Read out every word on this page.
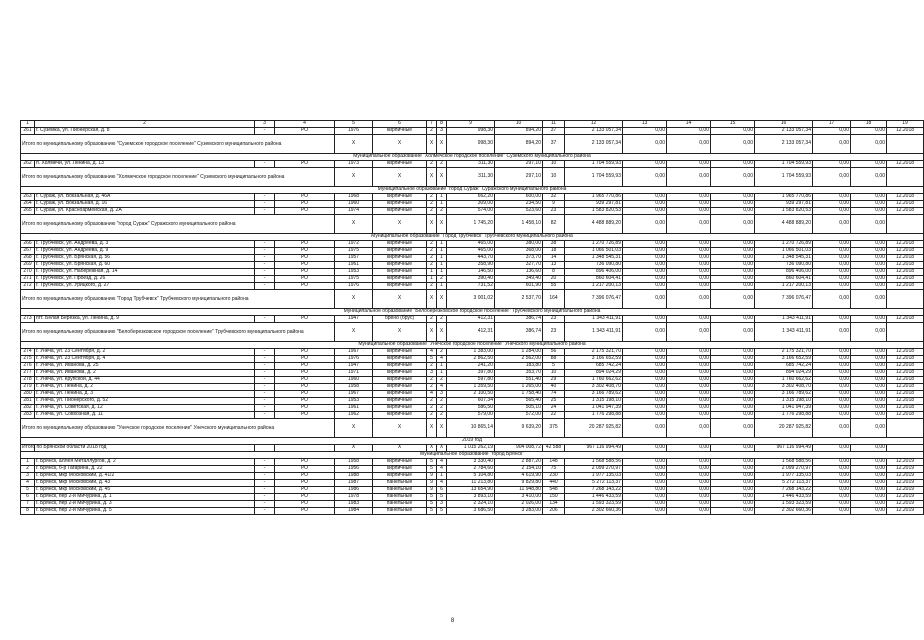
1	2	3	4	5	6	7	8	9	10	11	12	13	14	15	16	17	18	19
261	г. Суземка, ул. Пионерская, д. 8	-	РО	1976	кирпичные	2	3	998,30	894,20	37	2 133 057,34	0,00	0,00	0,00	2 133 057,34	0,00	0,00	12.2018
Итого по муниципальному образованию "Суземское городское поселение" Суземского муниципального района				X	X	X	X	998,30	894,20	37	2 133 057,34	0,00	0,00	0,00	2 133 057,34	0,00	0,00	
Муниципальное образование "Холмечское городское поселение" Суземского муниципального района																		
262	п. Холмечи, ул. Ленина, д. 13	-	РО	1973	кирпичные	2	2	311,30	297,10	10	1 704 559,93	0,00	0,00	0,00	1 704 559,93	0,00	0,00	12.2018
Итого по муниципальному образованию "Холмечское городское поселение" Суземского муниципального района				X	X	X	X	311,30	297,10	10	1 704 559,93	0,00	0,00	0,00	1 704 559,93	0,00	0,00	
Муниципальное образование "город Сураж" Суражского муниципального района																		
263	г. Сураж, ул. Вокзальная, д. 46А	-	РО	1968	кирпичные	2	1	662,20	600,00	32	1 965 770,86	0,00	0,00	0,00	1 965 770,86	0,00	0,00	12.2018
264	г. Сураж, ул. Вокзальная, д. 16	-	РО	1960	кирпичные	2	1	309,00	234,50	9	939 297,81	0,00	0,00	0,00	939 297,81	0,00	0,00	12.2018
265	г. Сураж, ул. Красноармейская, д. 2А	-	РО	1974	кирпичные	2	2	574,00	523,60	23	1 583 820,53	0,00	0,00	0,00	1 583 820,53	0,00	0,00	12.2018
Итого по муниципальному образованию "город Сураж" Суражского муниципального района				X	X	X	X	1 745,20	1 458,10	82	4 488 889,20	0,00	0,00	0,00	4 488 889,20	0,00	0,00	
Муниципальное образование "Город Трубчевск" Трубчевского муниципального района																		
266	г. Трубчевск, ул. Андреева, д. 3	-	РО	1972	кирпичные	2	1	465,00	380,00	38	1 270 726,89	0,00	0,00	0,00	1 270 726,89	0,00	0,00	12.2018
267	г. Трубчевск, ул. Андреева, д. 9	-	РО	1975	кирпичные	2	1	465,00	368,00	18	1 066 501,03	0,00	0,00	0,00	1 066 501,03	0,00	0,00	12.2018
268	г. Трубчевск, ул. Брянская, д. 56	-	РО	1957	кирпичные	2	1	443,70	373,70	14	1 348 545,31	0,00	0,00	0,00	1 348 545,31	0,00	0,00	12.2018
269	г. Трубчевск, ул. Брянская, д. 60	-	РО	1961	кирпичные	2	1	358,90	327,70	13	736 090,80	0,00	0,00	0,00	736 090,80	0,00	0,00	12.2018
270	г. Трубчевск, ул. Набережная, д. 14	-	РО	1953	кирпичные	1	1	146,50	136,60	8	896 406,00	0,00	0,00	0,00	896 406,00	0,00	0,00	12.2018
271	г. Трубчевск, ул. Проезд, д. 26	-	РО	1975	кирпичные	1	2	390,40	349,40	20	860 604,41	0,00	0,00	0,00	860 604,41	0,00	0,00	12.2018
272	г. Трубчевск, ул. Урицкого, д. 27	-	РО	1976	кирпичные	2	1	731,52	601,90	55	1 217 200,13	0,00	0,00	0,00	1 217 200,13	0,00	0,00	12.2018
Итого по муниципальному образованию "Город Трубчевск" Трубчевского муниципального района				X	X	X	X	3 001,02	2 537,70	164	7 396 076,47	0,00	0,00	0,00	7 396 076,47	0,00	0,00	
Муниципальное образование "Белоберезковское городское поселение" Трубчевского муниципального района																		
273	пгт. Белая Березка, ул. Ленина, д. 9	-	РО	1947	брено (брус)	2	2	412,31	386,74	23	1 343 411,91	0,00	0,00	0,00	1 343 411,91	0,00	0,00	12.2018
Итого по муниципальному образованию "Белоберезковское городское поселение" Трубчевского муниципального района				X	X	X	X	412,31	386,74	23	1 343 411,91	0,00	0,00	0,00	1 343 411,91	0,00	0,00	
Муниципальное образование "Унечское городское поселение" Унечского муниципального района																		
274	г. Унеча, ул. 23 Сентября, д. 2	-	РО	1967	кирпичные	4	2	1 383,00	1 284,00	56	2 175 321,70	0,00	0,00	0,00	2 175 321,70	0,00	0,00	12.2018
275	г. Унеча, ул. 23 Сентября, д. 4	-	РО	1976	кирпичные	5	4	2 862,50	2 562,00	88	3 166 652,59	0,00	0,00	0,00	3 166 652,59	0,00	0,00	12.2018
276	г. Унеча, ул. Иванова, д. 25	-	РО	1947	кирпичные	2	1	241,20	183,80	5	685 742,24	0,00	0,00	0,00	685 742,24	0,00	0,00	12.2018
277	г. Унеча, ул. Иванова, д. 2	-	РО	1971	кирпичные	3	1	397,80	353,70	10	894 024,29	0,00	0,00	0,00	894 024,29	0,00	0,00	12.2018
278	г. Унеча, ул. Крупской, д. 44	-	РО	1960	кирпичные	2	2	597,80	551,40	29	1 760 662,62	0,00	0,00	0,00	1 760 662,62	0,00	0,00	12.2018
279	г. Унеча, ул. Ленина, д. 2	-	РО	1958	кирпичные	2	4	1 359,50	1 265,00	40	3 302 408,70	0,00	0,00	0,00	3 302 408,70	0,00	0,00	12.2018
280	г. Унеча, ул. Ленина, д. 3	-	РО	1967	кирпичные	4	3	2 100,50	1 758,40	74	3 166 789,62	0,00	0,00	0,00	3 166 789,62	0,00	0,00	12.2018
281	г. Унеча, ул. Пионерского, д. 52	-	РО	1953	кирпичные	2	2	607,34	565,40	25	1 315 198,10	0,00	0,00	0,00	1 315 198,10	0,00	0,00	12.2018
282	г. Унеча, ул. Советская, д. 12	-	РО	1961	кирпичные	2	2	586,50	505,10	24	1 041 947,39	0,00	0,00	0,00	1 041 947,39	0,00	0,00	12.2018
283	г. Унеча, ул. Совхозная, д. 11	-	РО	1962	кирпичные	2	2	579,00	572,00	22	1 776 298,88	0,00	0,00	0,00	1 776 298,88	0,00	0,00	12.2018
Итого по муниципальному образованию "Унечское городское поселение" Унечского муниципального района				X	X	X	X	10 865,14	9 639,20	375	20 287 925,82	0,00	0,00	0,00	20 287 925,82	0,00	0,00	
2019 год																		
Итого по Брянской области 2018 год				X	X	X	X	1 015 262,19	904 008,72	42 588	967 116 994,49	0,00	0,00	0,00	967 116 994,49	0,00	0,00	
Муниципальное образование "город Брянск"																		
1	г. Брянск, аллея Металлургов, д. 2	-	РО	1958	кирпичные	5	4	3 330,40	2 887,20	148	1 568 588,56	0,00	0,00	0,00	1 568 588,56	0,00	0,00	12.2019
2	г. Брянск, б-р Гагарина, д. 22	-	РО	1956	кирпичные	5	4	2 784,60	2 154,10	75	2 099 270,97	0,00	0,00	0,00	2 099 270,97	0,00	0,00	12.2019
3	г. Брянск, мкр Московский, д. 41/2	-	РО	1988	кирпичные	9	1	5 104,80	4 619,90	230	1 977 135,03	0,00	0,00	0,00	1 977 135,03	0,00	0,00	12.2019
4	г. Брянск, мкр Московский, д. 43	-	РО	1987	панельные	9	4	11 213,80	9 829,80	440	5 272 113,37	0,00	0,00	0,00	5 272 113,37	0,00	0,00	12.2019
5	г. Брянск, мкр Московский, д. 45	-	РО	1986	панельные	9	6	13 654,90	11 948,80	548	7 268 143,22	0,00	0,00	0,00	7 268 143,22	0,00	0,00	12.2019
6	г. Брянск, пер 2-й Мичурина, д. 1	-	РО	1978	панельные	5	5	3 893,10	3 410,00	150	1 446 433,59	0,00	0,00	0,00	1 446 433,59	0,00	0,00	12.2019
7	г. Брянск, пер 2-й Мичурина, д. 3	-	РО	1983	панельные	5	3	2 324,10	2 026,00	134	1 593 323,59	0,00	0,00	0,00	1 593 323,59	0,00	0,00	12.2019
8	г. Брянск, пер 2-й Мичурина, д. 5	-	РО	1984	панельные	5	5	3 686,50	3 283,00	206	2 302 660,36	0,00	0,00	0,00	2 302 660,36	0,00	0,00	12.2019
8
